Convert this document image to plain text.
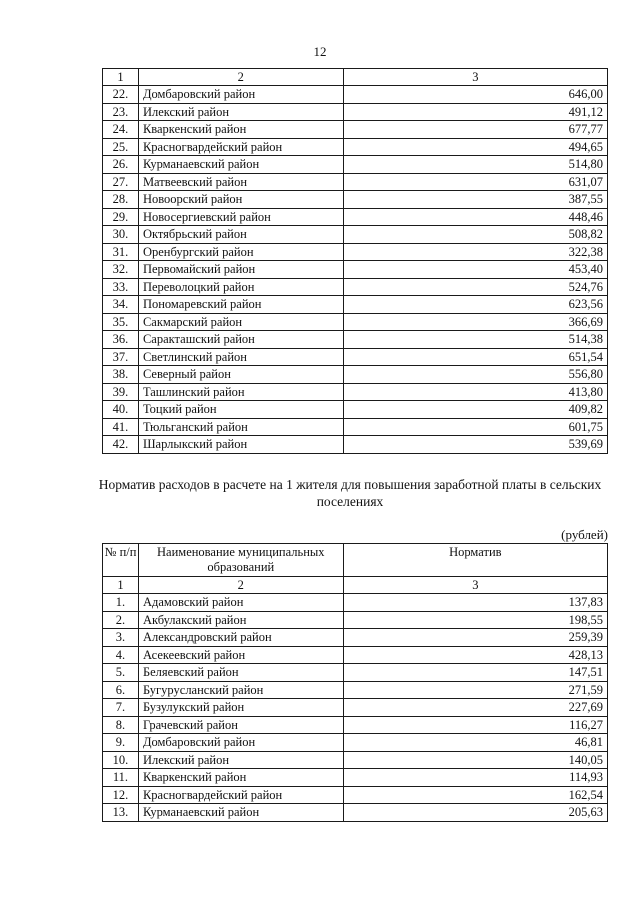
12
1	2	3
22.	Домбаровский район	646,00
23.	Илекский район	491,12
24.	Кваркенский район	677,77
25.	Красногвардейский район	494,65
26.	Курманаевский район	514,80
27.	Матвеевский район	631,07
28.	Новоорский район	387,55
29.	Новосергиевский район	448,46
30.	Октябрьский район	508,82
31.	Оренбургский район	322,38
32.	Первомайский район	453,40
33.	Переволоцкий район	524,76
34.	Пономаревский район	623,56
35.	Сакмарский район	366,69
36.	Саракташский район	514,38
37.	Светлинский район	651,54
38.	Северный район	556,80
39.	Ташлинский район	413,80
40.	Тоцкий район	409,82
41.	Тюльганский район	601,75
42.	Шарлыкский район	539,69
Норматив расходов в расчете на 1 жителя для повышения заработной платы в сельских поселениях
(рублей)
№ п/п	Наименование муниципальных образований	Норматив
1	2	3
1.	Адамовский район	137,83
2.	Акбулакский район	198,55
3.	Александровский район	259,39
4.	Асекеевский район	428,13
5.	Беляевский район	147,51
6.	Бугурусланский район	271,59
7.	Бузулукский район	227,69
8.	Грачевский район	116,27
9.	Домбаровский район	46,81
10.	Илекский район	140,05
11.	Кваркенский район	114,93
12.	Красногвардейский район	162,54
13.	Курманаевский район	205,63
